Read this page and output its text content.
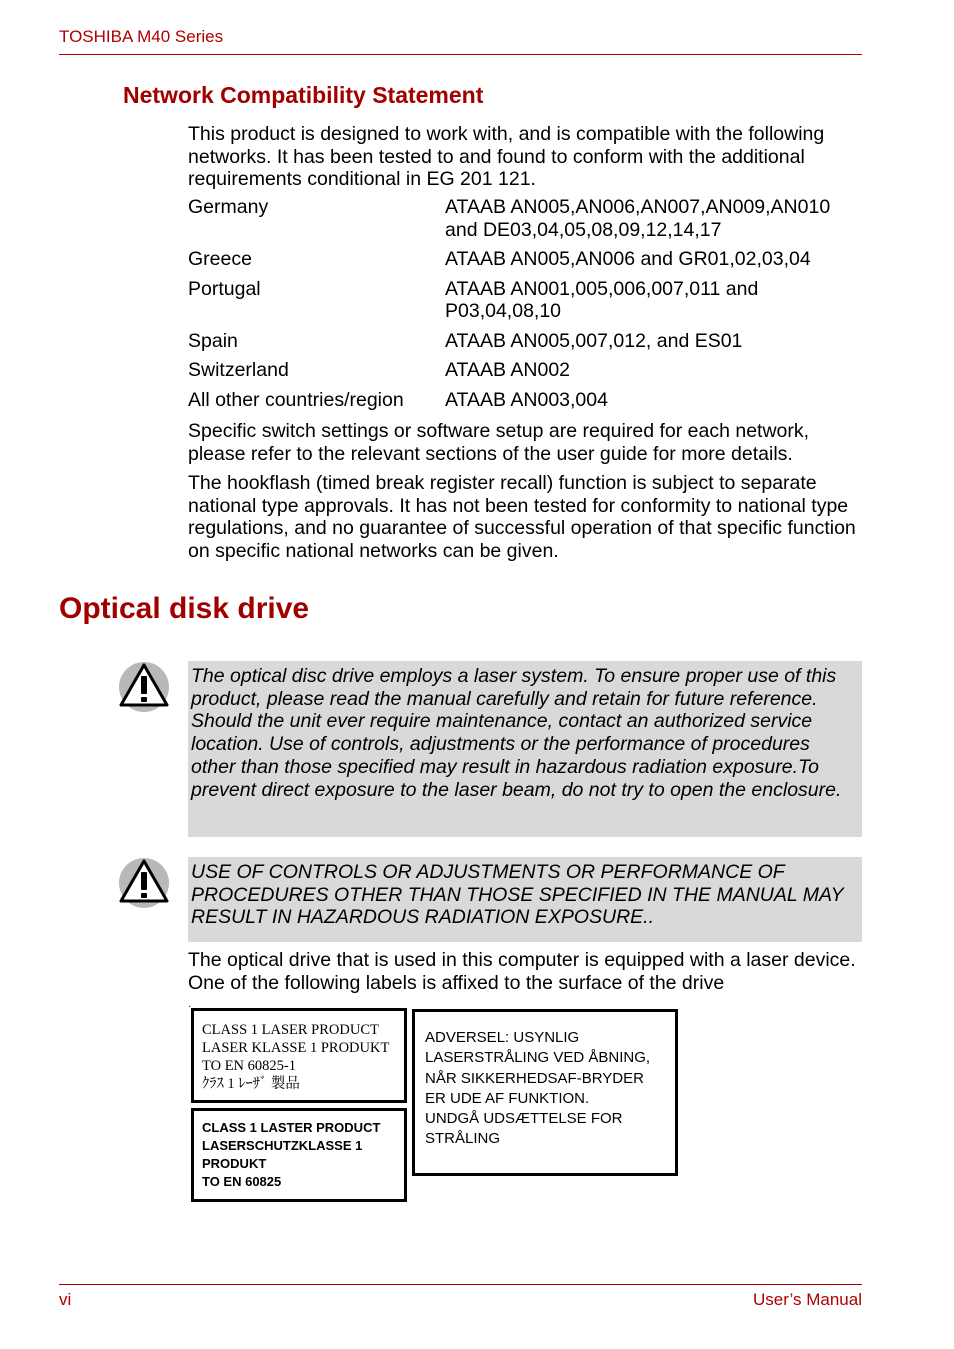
TOSHIBA M40 Series
Network Compatibility Statement
This product is designed to work with, and is compatible with the following networks. It has been tested to and found to conform with the additional requirements conditional in EG 201 121.
Germany	ATAAB AN005,AN006,AN007,AN009,AN010 and DE03,04,05,08,09,12,14,17
Greece	ATAAB AN005,AN006 and GR01,02,03,04
Portugal	ATAAB AN001,005,006,007,011 and P03,04,08,10
Spain	ATAAB AN005,007,012, and ES01
Switzerland	ATAAB AN002
All other countries/region	ATAAB AN003,004
Specific switch settings or software setup are required for each network, please refer to the relevant sections of the user guide for more details.
The hookflash (timed break register recall) function is subject to separate national type approvals. It has not been tested for conformity to national type regulations, and no guarantee of successful operation of that specific function on specific national networks can be given.
Optical disk drive
The optical disc drive employs a laser system. To ensure proper use of this product, please read the manual carefully and retain for future reference. Should the unit ever require maintenance, contact an authorized service location. Use of controls, adjustments or the performance of procedures other than those specified may result in hazardous radiation exposure.To prevent direct exposure to the laser beam, do not try to open the enclosure.
USE OF CONTROLS OR ADJUSTMENTS OR PERFORMANCE OF PROCEDURES OTHER THAN THOSE SPECIFIED IN THE MANUAL MAY RESULT IN HAZARDOUS RADIATION EXPOSURE..
The optical drive that is used in this computer is equipped with a laser device. One of the following labels is affixed to the surface of the drive
.
CLASS 1 LASER PRODUCT
LASER KLASSE 1 PRODUKT
TO EN 60825-1
ｸﾗｽ 1 ﾚｰｻﾞ 製品
CLASS 1 LASTER PRODUCT
LASERSCHUTZKLASSE 1
PRODUKT
TO EN 60825
ADVERSEL: USYNLIG
LASERSTRÅLING VED ÅBNING,
NÅR SIKKERHEDSAF-BRYDER
ER UDE AF FUNKTION.
UNDGÅ UDSÆTTELSE FOR
STRÅLING
vi	User’s Manual
